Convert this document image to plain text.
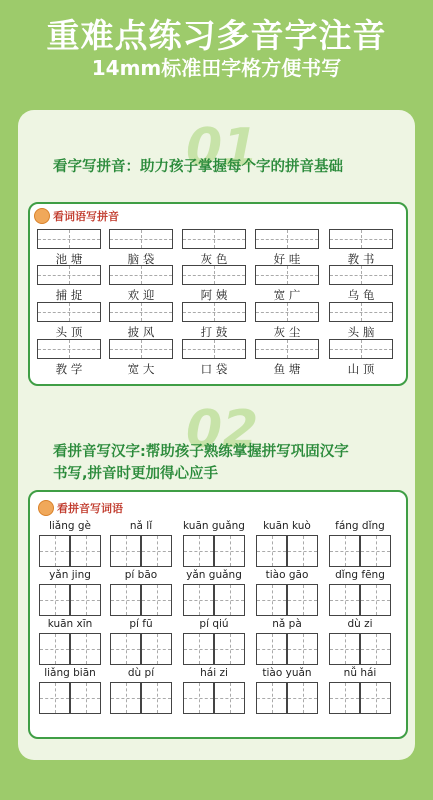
重难点练习多音字注音
14mm标准田字格方便书写
01
看字写拼音：助力孩子掌握每个字的拼音基础
看词语写拼音
02
看拼音写汉字:帮助孩子熟练掌握拼写巩固汉字
书写,拼音时更加得心应手
看拼音写词语
池 塘	脑 袋	灰 色	好 哇	教 书
捕 捉	欢 迎	阿 姨	宽 广	乌 龟
头 顶	披 风	打 鼓	灰 尘	头 脑
教 学	宽 大	口 袋	鱼 塘	山 顶
liǎng gè	nǎ lǐ	kuān guǎng	kuān kuò	fáng dǐng
yǎn jing	pí bāo	yǎn guǎng	tiào gāo	dǐng fēng
kuān xīn	pí fū	pí qiú	nǎ pà	dù zi
liǎng biān	dù pí	hái zi	tiào yuǎn	nǚ hái
